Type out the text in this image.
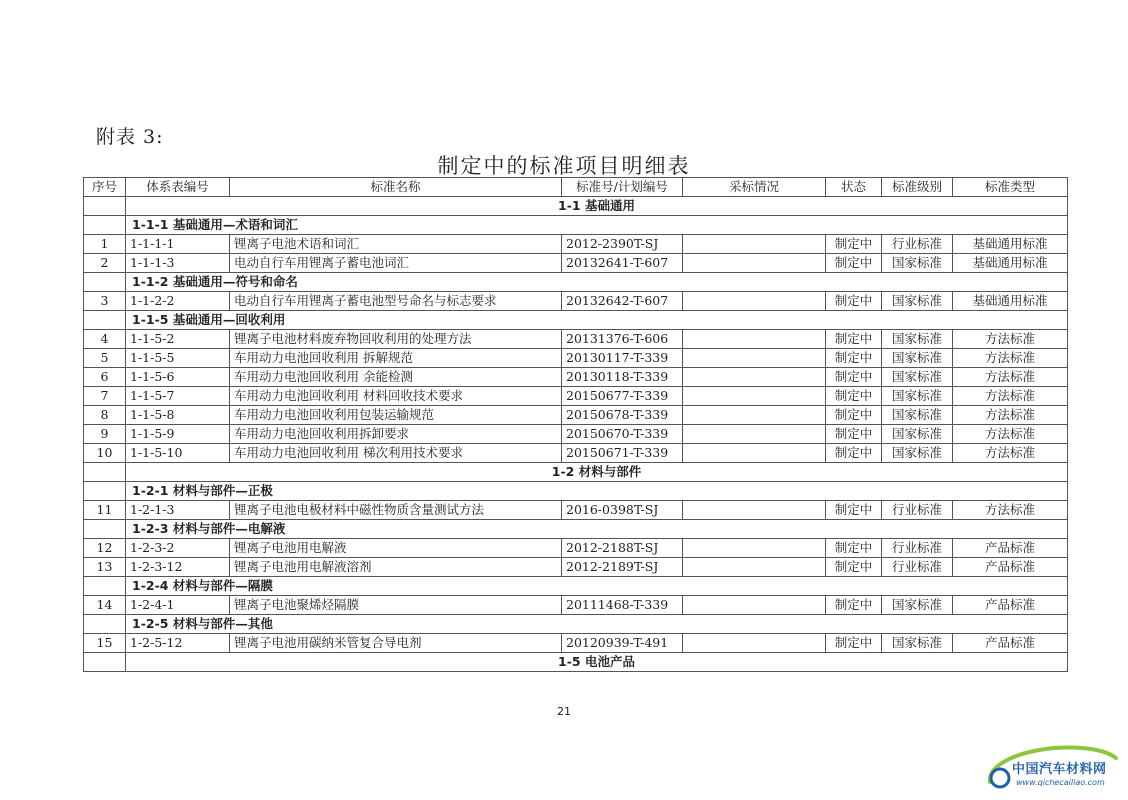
附表 3:
制定中的标准项目明细表
序号	体系表编号	标准名称	标准号/计划编号	采标情况	状态	标准级别	标准类型
	1-1 基础通用						
	1-1-1 基础通用—术语和词汇						
1	1-1-1-1	锂离子电池术语和词汇	2012-2390T-SJ		制定中	行业标准	基础通用标准
2	1-1-1-3	电动自行车用锂离子蓄电池词汇	20132641-T-607		制定中	国家标准	基础通用标准
	1-1-2 基础通用—符号和命名						
3	1-1-2-2	电动自行车用锂离子蓄电池型号命名与标志要求	20132642-T-607		制定中	国家标准	基础通用标准
	1-1-5 基础通用—回收利用						
4	1-1-5-2	锂离子电池材料废弃物回收利用的处理方法	20131376-T-606		制定中	国家标准	方法标准
5	1-1-5-5	车用动力电池回收利用 拆解规范	20130117-T-339		制定中	国家标准	方法标准
6	1-1-5-6	车用动力电池回收利用 余能检测	20130118-T-339		制定中	国家标准	方法标准
7	1-1-5-7	车用动力电池回收利用 材料回收技术要求	20150677-T-339		制定中	国家标准	方法标准
8	1-1-5-8	车用动力电池回收利用包装运输规范	20150678-T-339		制定中	国家标准	方法标准
9	1-1-5-9	车用动力电池回收利用拆卸要求	20150670-T-339		制定中	国家标准	方法标准
10	1-1-5-10	车用动力电池回收利用 梯次利用技术要求	20150671-T-339		制定中	国家标准	方法标准
	1-2 材料与部件						
	1-2-1 材料与部件—正极						
11	1-2-1-3	锂离子电池电极材料中磁性物质含量测试方法	2016-0398T-SJ		制定中	行业标准	方法标准
	1-2-3 材料与部件—电解液						
12	1-2-3-2	锂离子电池用电解液	2012-2188T-SJ		制定中	行业标准	产品标准
13	1-2-3-12	锂离子电池用电解液溶剂	2012-2189T-SJ		制定中	行业标准	产品标准
	1-2-4 材料与部件—隔膜						
14	1-2-4-1	锂离子电池聚烯烃隔膜	20111468-T-339		制定中	国家标准	产品标准
	1-2-5 材料与部件—其他						
15	1-2-5-12	锂离子电池用碳纳米管复合导电剂	20120939-T-491		制定中	国家标准	产品标准
	1-5 电池产品						
21
中国汽车材料网
www.qichecailiao.com
